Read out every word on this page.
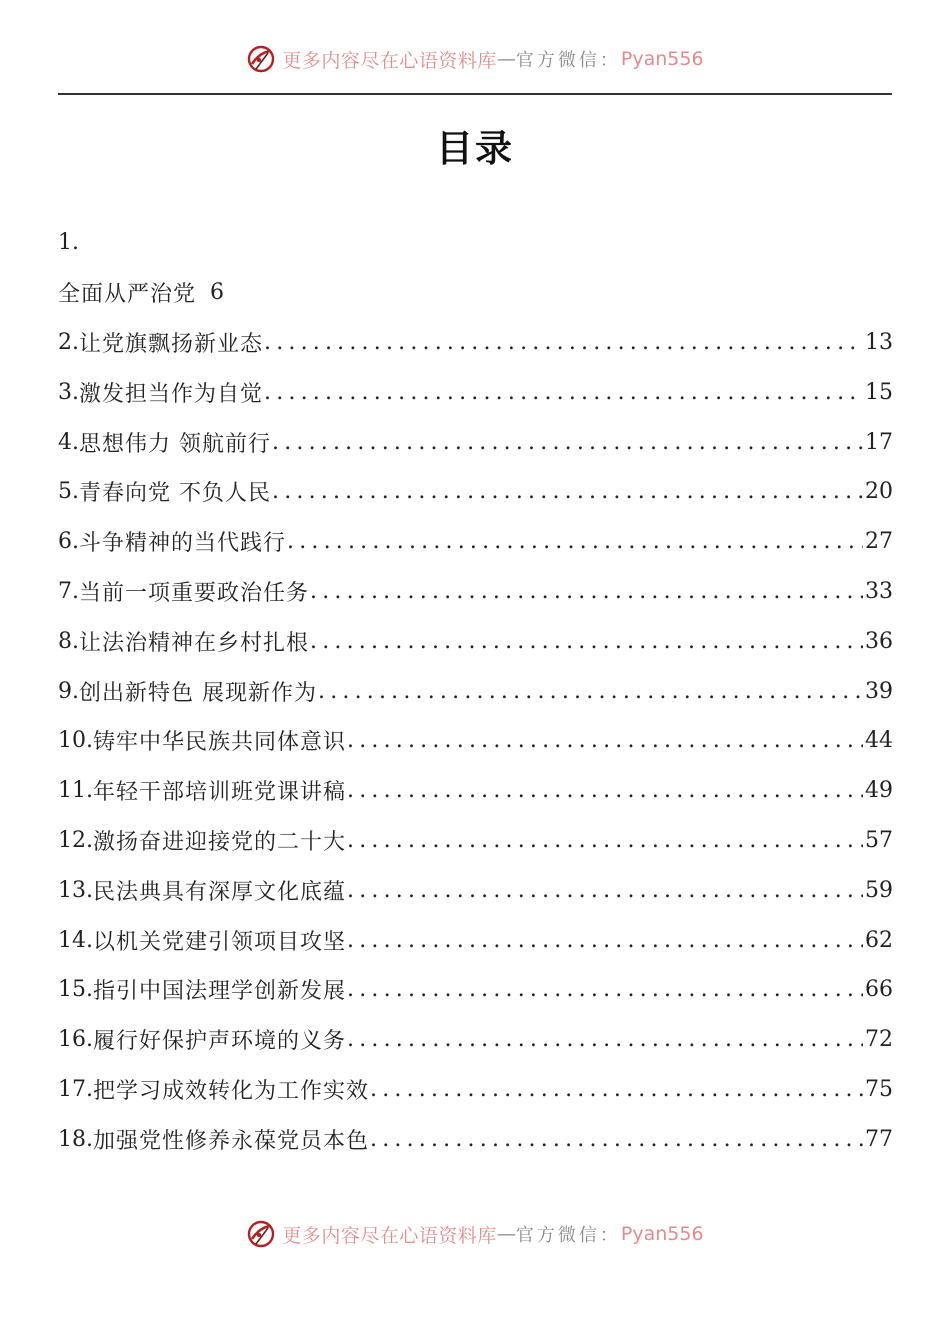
更多内容尽在心语资料库 — 官方微信： Pyan556
目录
1.
全面从严治党 6
2. 让党旗飘扬新业态 .....	13
3. 激发担当作为自觉 .....	15
4. 思想伟力 领航前行 .....	17
5. 青春向党 不负人民 .....	20
6. 斗争精神的当代践行 .....	27
7. 当前一项重要政治任务 .....	33
8. 让法治精神在乡村扎根 .....	36
9. 创出新特色 展现新作为 .....	39
10. 铸牢中华民族共同体意识 .....	44
11. 年轻干部培训班党课讲稿 .....	49
12. 激扬奋进迎接党的二十大 .....	57
13. 民法典具有深厚文化底蕴 .....	59
14. 以机关党建引领项目攻坚 .....	62
15. 指引中国法理学创新发展 .....	66
16. 履行好保护声环境的义务 .....	72
17. 把学习成效转化为工作实效 .....	75
18. 加强党性修养永葆党员本色 .....	77
更多内容尽在心语资料库 — 官方微信： Pyan556
